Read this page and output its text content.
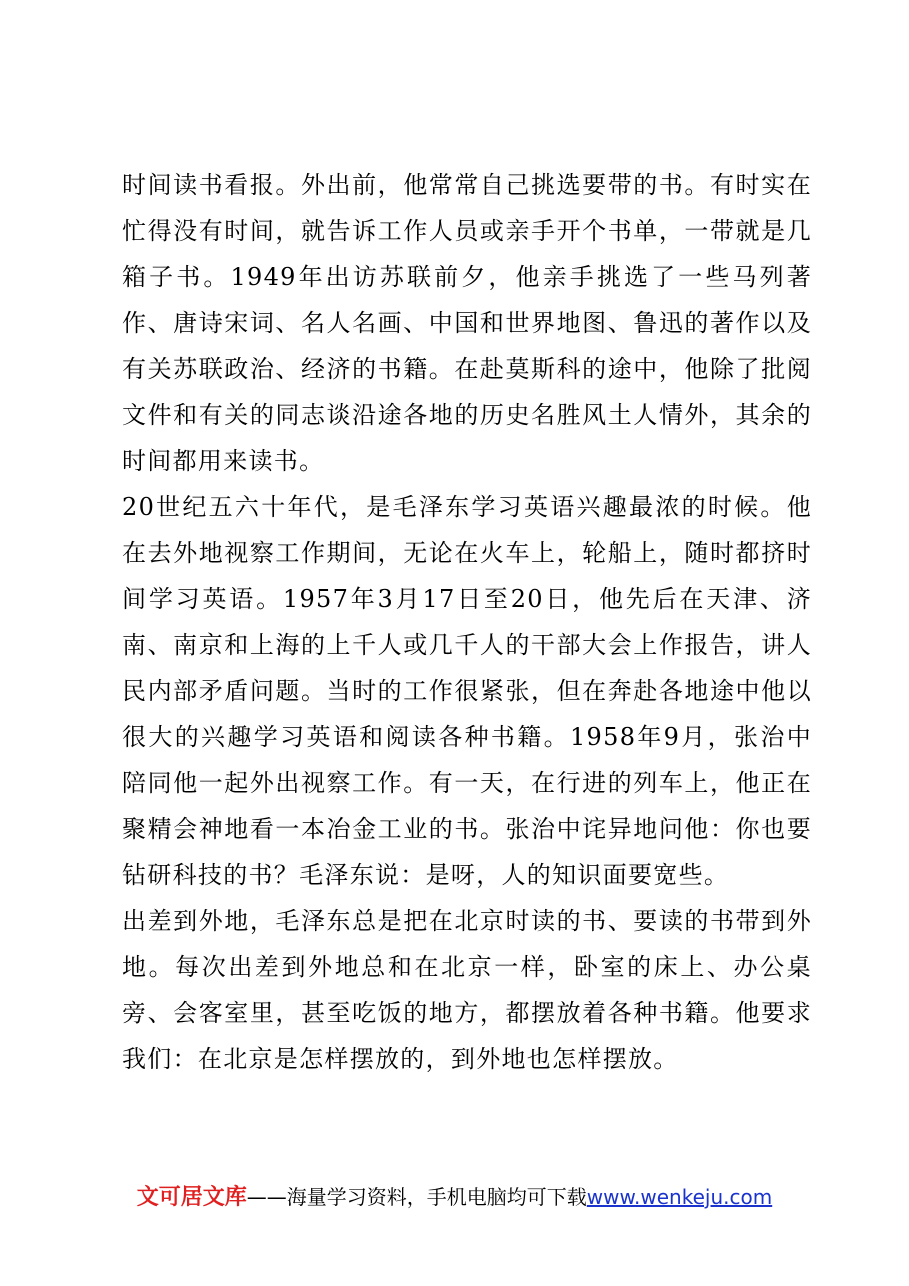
时间读书看报。外出前，他常常自己挑选要带的书。有时实在忙得没有时间，就告诉工作人员或亲手开个书单，一带就是几箱子书。1949年出访苏联前夕，他亲手挑选了一些马列著作、唐诗宋词、名人名画、中国和世界地图、鲁迅的著作以及有关苏联政治、经济的书籍。在赴莫斯科的途中，他除了批阅文件和有关的同志谈沿途各地的历史名胜风土人情外，其余的时间都用来读书。

20世纪五六十年代，是毛泽东学习英语兴趣最浓的时候。他在去外地视察工作期间，无论在火车上，轮船上，随时都挤时间学习英语。1957年3月17日至20日，他先后在天津、济南、南京和上海的上千人或几千人的干部大会上作报告，讲人民内部矛盾问题。当时的工作很紧张，但在奔赴各地途中他以很大的兴趣学习英语和阅读各种书籍。1958年9月，张治中陪同他一起外出视察工作。有一天，在行进的列车上，他正在聚精会神地看一本冶金工业的书。张治中诧异地问他：你也要钻研科技的书？毛泽东说：是呀，人的知识面要宽些。

出差到外地，毛泽东总是把在北京时读的书、要读的书带到外地。每次出差到外地总和在北京一样，卧室的床上、办公桌旁、会客室里，甚至吃饭的地方，都摆放着各种书籍。他要求我们：在北京是怎样摆放的，到外地也怎样摆放。

文可居文库——海量学习资料，手机电脑均可下载www.wenkeju.com
